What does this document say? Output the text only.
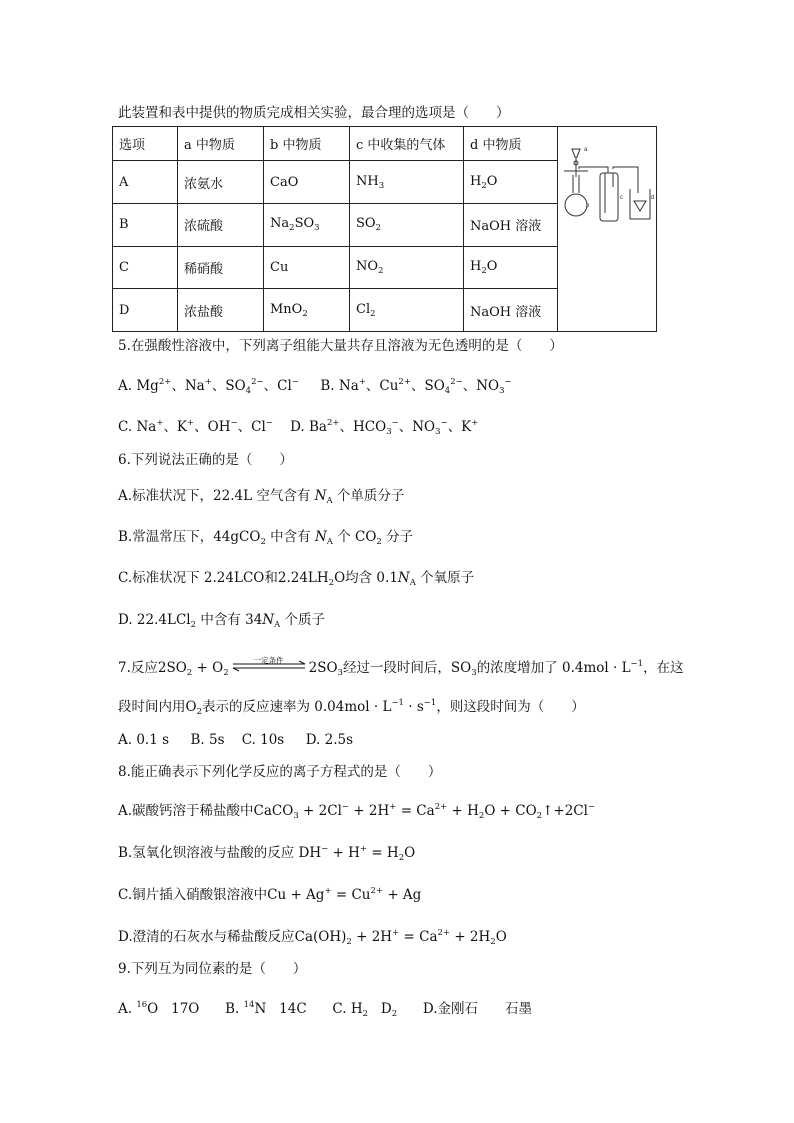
此装置和表中提供的物质完成相关实验，最合理的选项是（　　）
选项	a 中物质	b 中物质	c 中收集的气体	d 中物质	a
b
c d

A	浓氨水	CaO	$NH_3$	$H_2O$	
B	浓硫酸	$Na_2SO_3$	$SO_2$	NaOH 溶液	
C	稀硝酸	Cu	$NO_2$	$H_2O$	
D	浓盐酸	MnO$_2$	$Cl_2$	NaOH 溶液	
5.在强酸性溶液中，下列离子组能大量共存且溶液为无色透明的是（　　）
A. $Mg^{2+}$、Na+、$SO_4^{2-}$、Cl− B. Na+、$Cu^{2+}$、$SO_4^{2-}$、$NO_3^-$
C. Na+、K+、OH−、Cl− D. $Ba^{2+}$、$HCO_3^-$、$NO_3^-$、K+
6.下列说法正确的是（　　）
A.标准状况下，22.4L 空气含有 $N_A$ 个单质分子
B.常温常压下，44gCO$_2$ 中含有 $N_A$ 个 $CO_2$ 分子
C.标准状况下 2.24LCO和$2.24LH_2O$均含 $0.1N_A$ 个氧原子
D. 22.4LCl$_2$ 中含有 $34N_A$ 个质子
7.反应$2SO_2 + O_2$
一定条件	$2SO_3$经过一段时间后，$SO_3$的浓度增加了 $0.4mol \cdot L^{-1}$，在这
段时间内用$O_2$表示的反应速率为 $0.04mol \cdot L^{-1} \cdot s^{-1}$，则这段时间为（　　）
A. 0.1 s B. 5s C. 10s D. 2.5s
8.能正确表示下列化学反应的离子方程式的是（　　）
A.碳酸钙溶于稀盐酸中CaCO$_3$ + $2Cl^- + 2H^+ = Ca^{2+} + H_2O$ + $CO_2↑+2Cl^-$
B.氢氧化钡溶液与盐酸的反应 $DH^- + H^+ = H_2O$
C.铜片插入硝酸银溶液中$Cu + Ag^+ = Cu^{2+} + Ag$
D.澄清的石灰水与稀盐酸反应$Ca(OH)_2 + 2H^+ = Ca^{2+} + 2H_2O$
9.下列互为同位素的是（　　）
A. $^{16}$O   17O      B. $^{14}$N   14C      C. $H_2$   $D_2$ D.金刚石　　石墨
